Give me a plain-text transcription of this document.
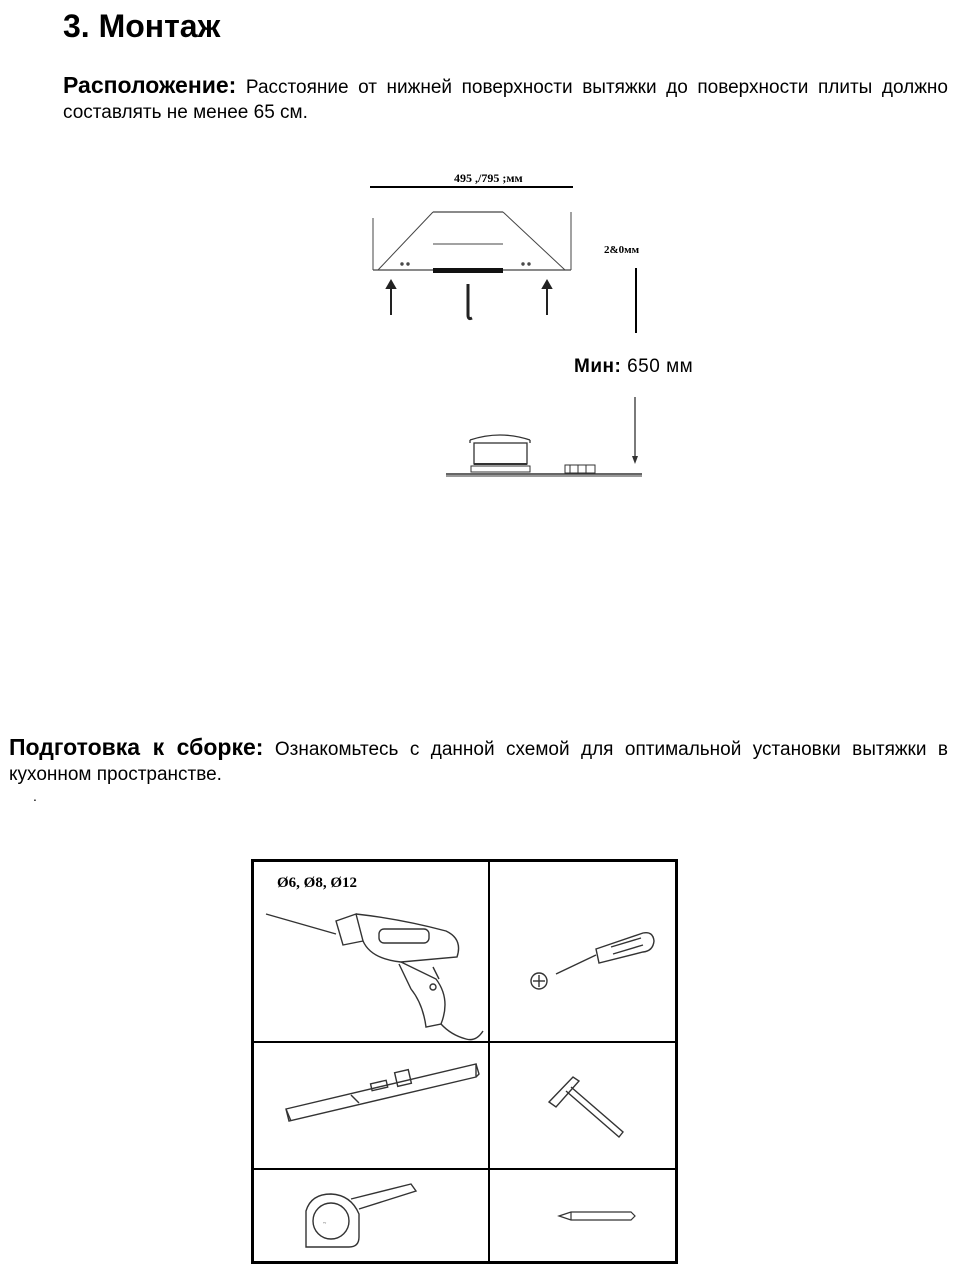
3. Монтаж
Расположение: Расстояние от нижней поверхности вытяжки до поверхности плиты должно составлять не менее 65 см.
495 ,/795 ;мм
2&0мм
Мин: 650 мм
Подготовка к сборке: Ознакомьтесь с данной схемой для оптимальной установки вытяжки в кухонном пространстве.
.
Ø6, Ø8, Ø12
~
